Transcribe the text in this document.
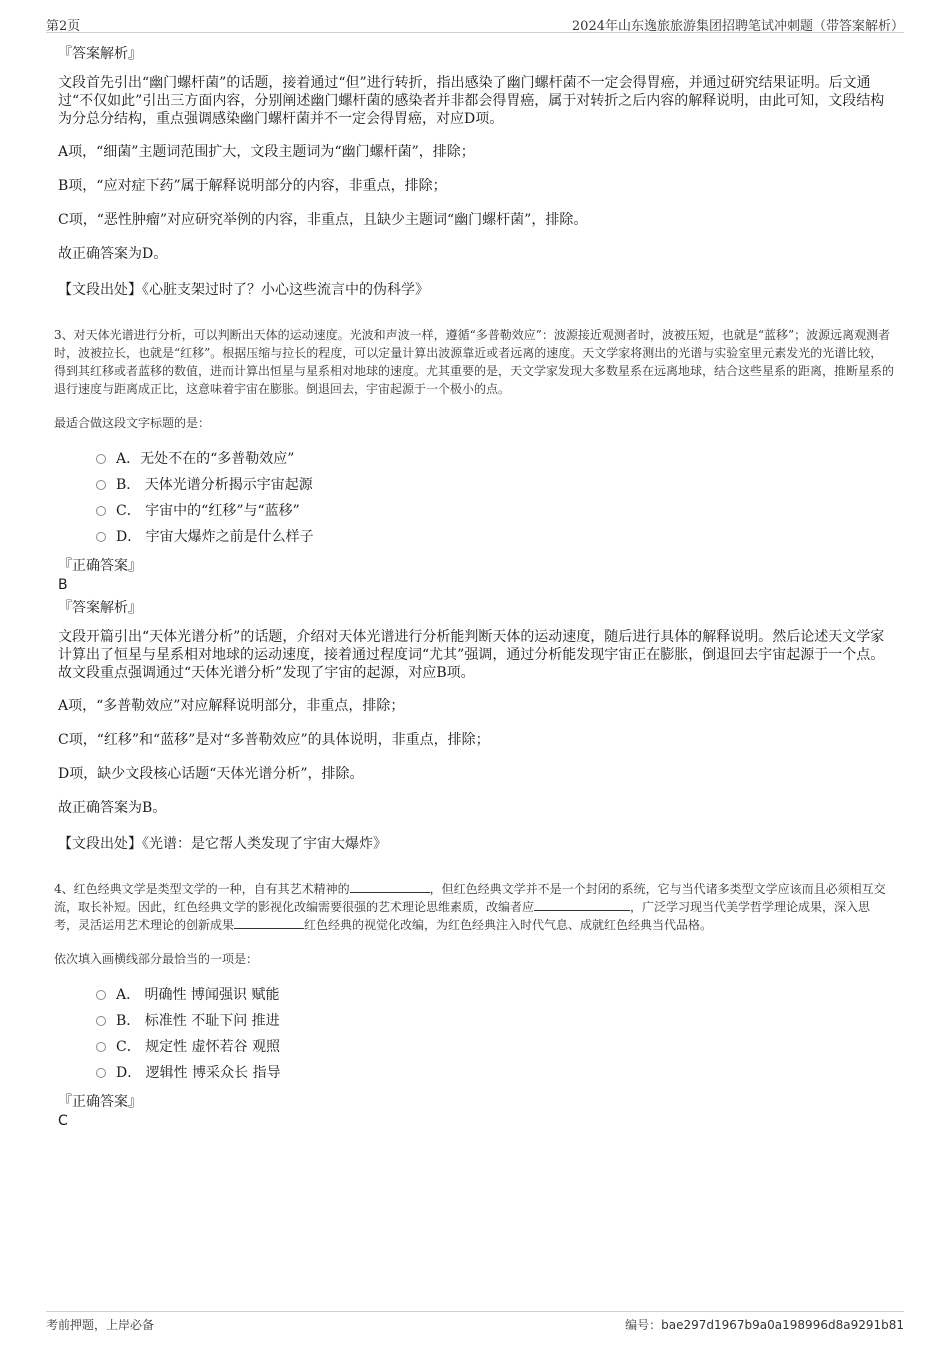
第2页	2024年山东逸旅旅游集团招聘笔试冲刺题（带答案解析）

『答案解析』

文段首先引出“幽门螺杆菌”的话题，接着通过“但”进行转折，指出感染了幽门螺杆菌不一定会得胃癌，并通过研究结果证明。后文通过“不仅如此”引出三方面内容，分别阐述幽门螺杆菌的感染者并非都会得胃癌，属于对转折之后内容的解释说明，由此可知，文段结构为分总分结构，重点强调感染幽门螺杆菌并不一定会得胃癌，对应D项。

A项，“细菌”主题词范围扩大，文段主题词为“幽门螺杆菌”，排除；

B项，“应对症下药”属于解释说明部分的内容，非重点，排除；

C项，“恶性肿瘤”对应研究举例的内容，非重点，且缺少主题词“幽门螺杆菌”，排除。

故正确答案为D。

【文段出处】《心脏支架过时了？小心这些流言中的伪科学》

3、对天体光谱进行分析，可以判断出天体的运动速度。光波和声波一样，遵循“多普勒效应”：波源接近观测者时，波被压短，也就是“蓝移”；波源远离观测者时，波被拉长，也就是“红移”。根据压缩与拉长的程度，可以定量计算出波源靠近或者远离的速度。天文学家将测出的光谱与实验室里元素发光的光谱比较，得到其红移或者蓝移的数值，进而计算出恒星与星系相对地球的速度。尤其重要的是，天文学家发现大多数星系在远离地球，结合这些星系的距离，推断星系的退行速度与距离成正比，这意味着宇宙在膨胀。倒退回去，宇宙起源于一个极小的点。

最适合做这段文字标题的是：

A．无处不在的“多普勒效应”
B． 天体光谱分析揭示宇宙起源
C． 宇宙中的“红移”与“蓝移”
D． 宇宙大爆炸之前是什么样子

『正确答案』

B

『答案解析』

文段开篇引出“天体光谱分析”的话题，介绍对天体光谱进行分析能判断天体的运动速度，随后进行具体的解释说明。然后论述天文学家计算出了恒星与星系相对地球的运动速度，接着通过程度词“尤其”强调，通过分析能发现宇宙正在膨胀，倒退回去宇宙起源于一个点。故文段重点强调通过“天体光谱分析”发现了宇宙的起源，对应B项。

A项，“多普勒效应”对应解释说明部分，非重点，排除；

C项，“红移”和“蓝移”是对“多普勒效应”的具体说明，非重点，排除；

D项，缺少文段核心话题“天体光谱分析”，排除。

故正确答案为B。

【文段出处】《光谱：是它帮人类发现了宇宙大爆炸》

4、红色经典文学是类型文学的一种，自有其艺术精神的	，但红色经典文学并不是一个封闭的系统，它与当代诸多类型文学应该而且必须相互交流，取长补短。因此，红色经典文学的影视化改编需要很强的艺术理论思维素质，改编者应	，广泛学习现当代美学哲学理论成果，深入思考，灵活运用艺术理论的创新成果	红色经典的视觉化改编，为红色经典注入时代气息、成就红色经典当代品格。

依次填入画横线部分最恰当的一项是：

A． 明确性 博闻强识 赋能
B． 标准性 不耻下问 推进
C． 规定性 虚怀若谷 观照
D． 逻辑性 博采众长 指导

『正确答案』

C

考前押题，上岸必备	编号：bae297d1967b9a0a198996d8a9291b81
